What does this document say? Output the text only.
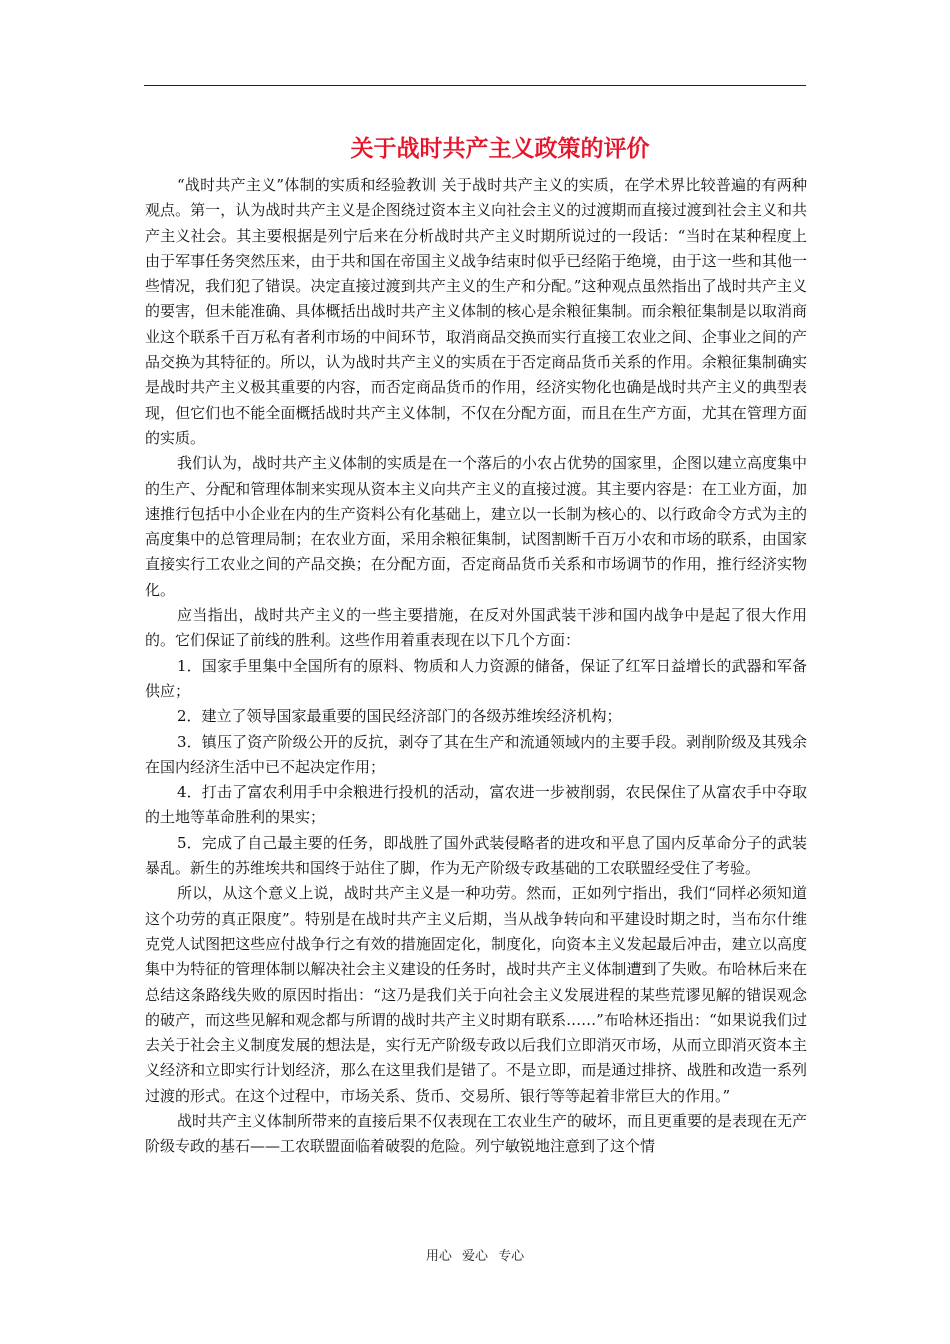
关于战时共产主义政策的评价

“战时共产主义”体制的实质和经验教训 关于战时共产主义的实质，在学术界比较普遍的有两种观点。第一，认为战时共产主义是企图绕过资本主义向社会主义的过渡期而直接过渡到社会主义和共产主义社会。其主要根据是列宁后来在分析战时共产主义时期所说过的一段话：“当时在某种程度上由于军事任务突然压来，由于共和国在帝国主义战争结束时似乎已经陷于绝境，由于这一些和其他一些情况，我们犯了错误。决定直接过渡到共产主义的生产和分配。”这种观点虽然指出了战时共产主义的要害，但未能准确、具体概括出战时共产主义体制的核心是余粮征集制。而余粮征集制是以取消商业这个联系千百万私有者利市场的中间环节，取消商品交换而实行直接工农业之间、企事业之间的产品交换为其特征的。所以，认为战时共产主义的实质在于否定商品货币关系的作用。余粮征集制确实是战时共产主义极其重要的内容，而否定商品货币的作用，经济实物化也确是战时共产主义的典型表现，但它们也不能全面概括战时共产主义体制，不仅在分配方面，而且在生产方面，尤其在管理方面的实质。

我们认为，战时共产主义体制的实质是在一个落后的小农占优势的国家里，企图以建立高度集中的生产、分配和管理体制来实现从资本主义向共产主义的直接过渡。其主要内容是：在工业方面，加速推行包括中小企业在内的生产资料公有化基础上，建立以一长制为核心的、以行政命令方式为主的高度集中的总管理局制；在农业方面，采用余粮征集制，试图割断千百万小农和市场的联系，由国家直接实行工农业之间的产品交换；在分配方面，否定商品货币关系和市场调节的作用，推行经济实物化。

应当指出，战时共产主义的一些主要措施，在反对外国武装干涉和国内战争中是起了很大作用的。它们保证了前线的胜利。这些作用着重表现在以下几个方面：

1．国家手里集中全国所有的原料、物质和人力资源的储备，保证了红军日益增长的武器和军备供应；

2．建立了领导国家最重要的国民经济部门的各级苏维埃经济机构；

3．镇压了资产阶级公开的反抗，剥夺了其在生产和流通领域内的主要手段。剥削阶级及其残余在国内经济生活中已不起决定作用；

4．打击了富农利用手中余粮进行投机的活动，富农进一步被削弱，农民保住了从富农手中夺取的土地等革命胜利的果实；

5．完成了自己最主要的任务，即战胜了国外武装侵略者的进攻和平息了国内反革命分子的武装暴乱。新生的苏维埃共和国终于站住了脚，作为无产阶级专政基础的工农联盟经受住了考验。

所以，从这个意义上说，战时共产主义是一种功劳。然而，正如列宁指出，我们“同样必须知道这个功劳的真正限度”。特别是在战时共产主义后期，当从战争转向和平建设时期之时，当布尔什维克党人试图把这些应付战争行之有效的措施固定化，制度化，向资本主义发起最后冲击，建立以高度集中为特征的管理体制以解决社会主义建设的任务时，战时共产主义体制遭到了失败。布哈林后来在总结这条路线失败的原因时指出：“这乃是我们关于向社会主义发展进程的某些荒谬见解的错误观念的破产，而这些见解和观念都与所谓的战时共产主义时期有联系……”布哈林还指出：“如果说我们过去关于社会主义制度发展的想法是，实行无产阶级专政以后我们立即消灭市场，从而立即消灭资本主义经济和立即实行计划经济，那么在这里我们是错了。不是立即，而是通过排挤、战胜和改造一系列过渡的形式。在这个过程中，市场关系、货币、交易所、银行等等起着非常巨大的作用。”

战时共产主义体制所带来的直接后果不仅表现在工农业生产的破坏，而且更重要的是表现在无产阶级专政的基石——工农联盟面临着破裂的危险。列宁敏锐地注意到了这个情

用心 爱心 专心
